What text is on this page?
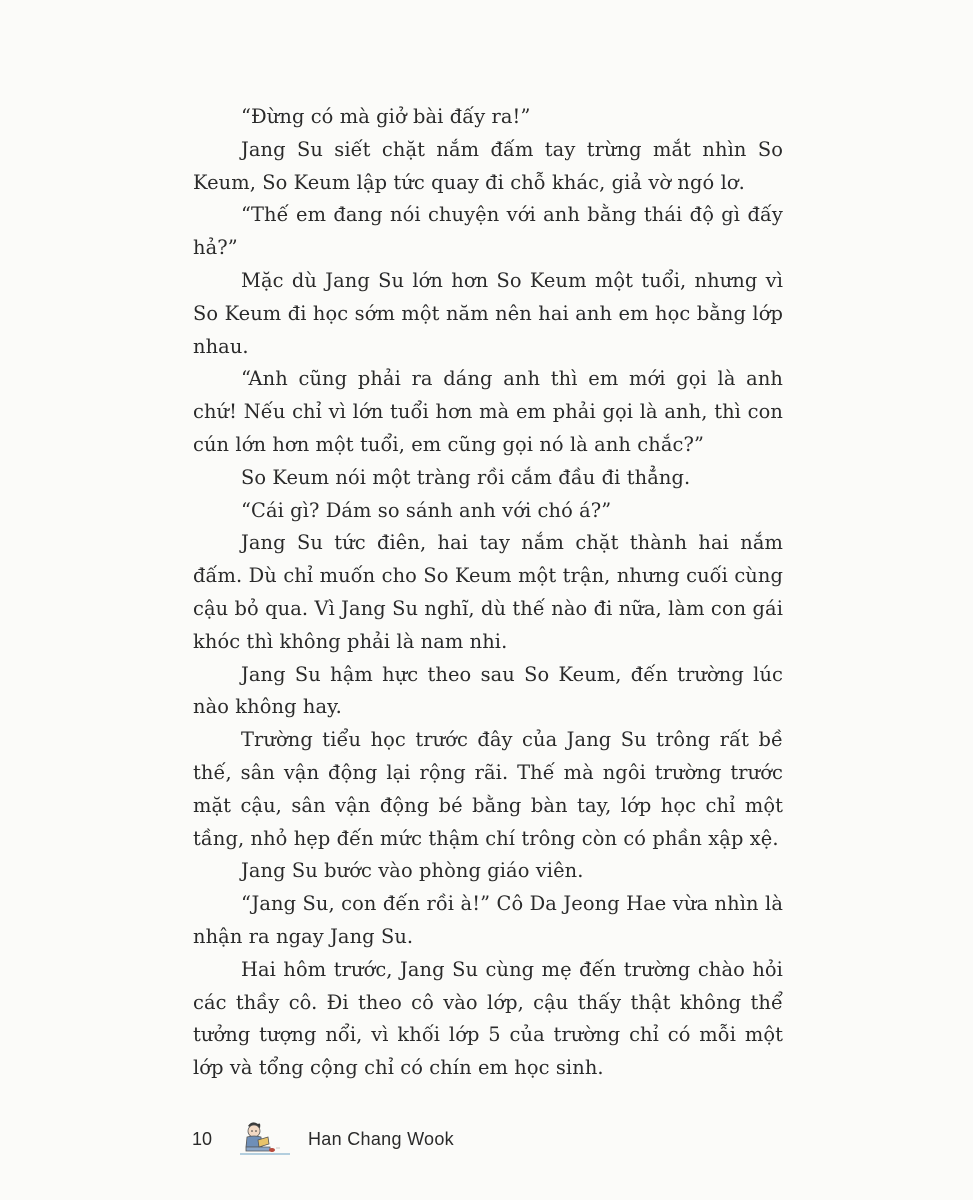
“Đừng có mà giở bài đấy ra!”

Jang Su siết chặt nắm đấm tay trừng mắt nhìn So Keum, So Keum lập tức quay đi chỗ khác, giả vờ ngó lơ.

“Thế em đang nói chuyện với anh bằng thái độ gì đấy hả?”

Mặc dù Jang Su lớn hơn So Keum một tuổi, nhưng vì So Keum đi học sớm một năm nên hai anh em học bằng lớp nhau.

“Anh cũng phải ra dáng anh thì em mới gọi là anh chứ! Nếu chỉ vì lớn tuổi hơn mà em phải gọi là anh, thì con cún lớn hơn một tuổi, em cũng gọi nó là anh chắc?”

So Keum nói một tràng rồi cắm đầu đi thẳng.

“Cái gì? Dám so sánh anh với chó á?”

Jang Su tức điên, hai tay nắm chặt thành hai nắm đấm. Dù chỉ muốn cho So Keum một trận, nhưng cuối cùng cậu bỏ qua. Vì Jang Su nghĩ, dù thế nào đi nữa, làm con gái khóc thì không phải là nam nhi.

Jang Su hậm hực theo sau So Keum, đến trường lúc nào không hay.

Trường tiểu học trước đây của Jang Su trông rất bề thế, sân vận động lại rộng rãi. Thế mà ngôi trường trước mặt cậu, sân vận động bé bằng bàn tay, lớp học chỉ một tầng, nhỏ hẹp đến mức thậm chí trông còn có phần xập xệ.

Jang Su bước vào phòng giáo viên.

“Jang Su, con đến rồi à!” Cô Da Jeong Hae vừa nhìn là nhận ra ngay Jang Su.

Hai hôm trước, Jang Su cùng mẹ đến trường chào hỏi các thầy cô. Đi theo cô vào lớp, cậu thấy thật không thể tưởng tượng nổi, vì khối lớp 5 của trường chỉ có mỗi một lớp và tổng cộng chỉ có chín em học sinh.

10	Han Chang Wook
